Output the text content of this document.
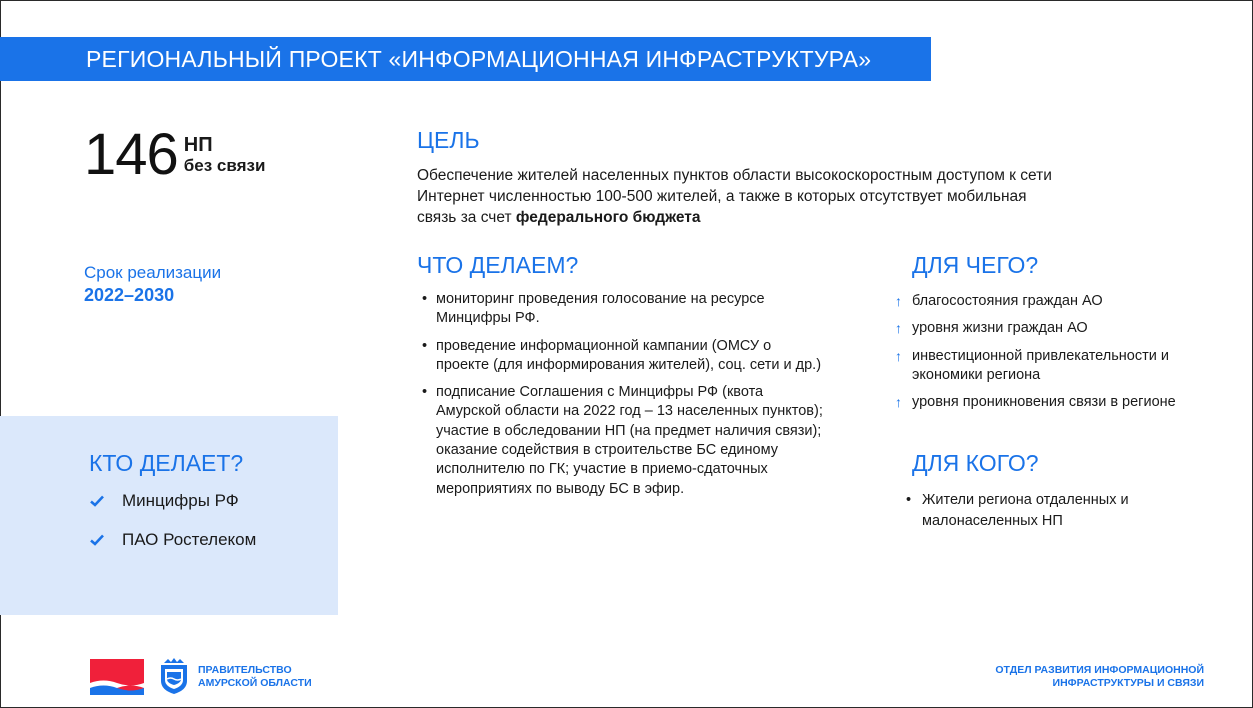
РЕГИОНАЛЬНЫЙ ПРОЕКТ «ИНФОРМАЦИОННАЯ ИНФРАСТРУКТУРА»
146 НП
без связи
Срок реализации
2022–2030
КТО ДЕЛАЕТ?
Минцифры РФ
ПАО Ростелеком
ЦЕЛЬ
Обеспечение жителей населенных пунктов области высокоскоростным доступом к сети
Интернет численностью 100-500 жителей, а также в которых отсутствует мобильная
связь за счет федерального бюджета
ЧТО ДЕЛАЕМ?
• мониторинг проведения голосование на ресурсе Минцифры РФ.
• проведение информационной кампании (ОМСУ о проекте (для информирования жителей), соц. сети и др.)
• подписание Соглашения с Минцифры РФ (квота Амурской области на 2022 год – 13 населенных пунктов); участие в обследовании НП (на предмет наличия связи); оказание содействия в строительстве БС единому исполнителю по ГК; участие в приемо-сдаточных мероприятиях по выводу БС в эфир.
ДЛЯ ЧЕГО?
↑ благосостояния граждан АО
↑ уровня жизни граждан АО
↑ инвестиционной привлекательности и экономики региона
↑ уровня проникновения связи в регионе
ДЛЯ КОГО?
• Жители региона отдаленных и малонаселенных НП
ПРАВИТЕЛЬСТВО
АМУРСКОЙ ОБЛАСТИ
ОТДЕЛ РАЗВИТИЯ ИНФОРМАЦИОННОЙ
ИНФРАСТРУКТУРЫ И СВЯЗИ
